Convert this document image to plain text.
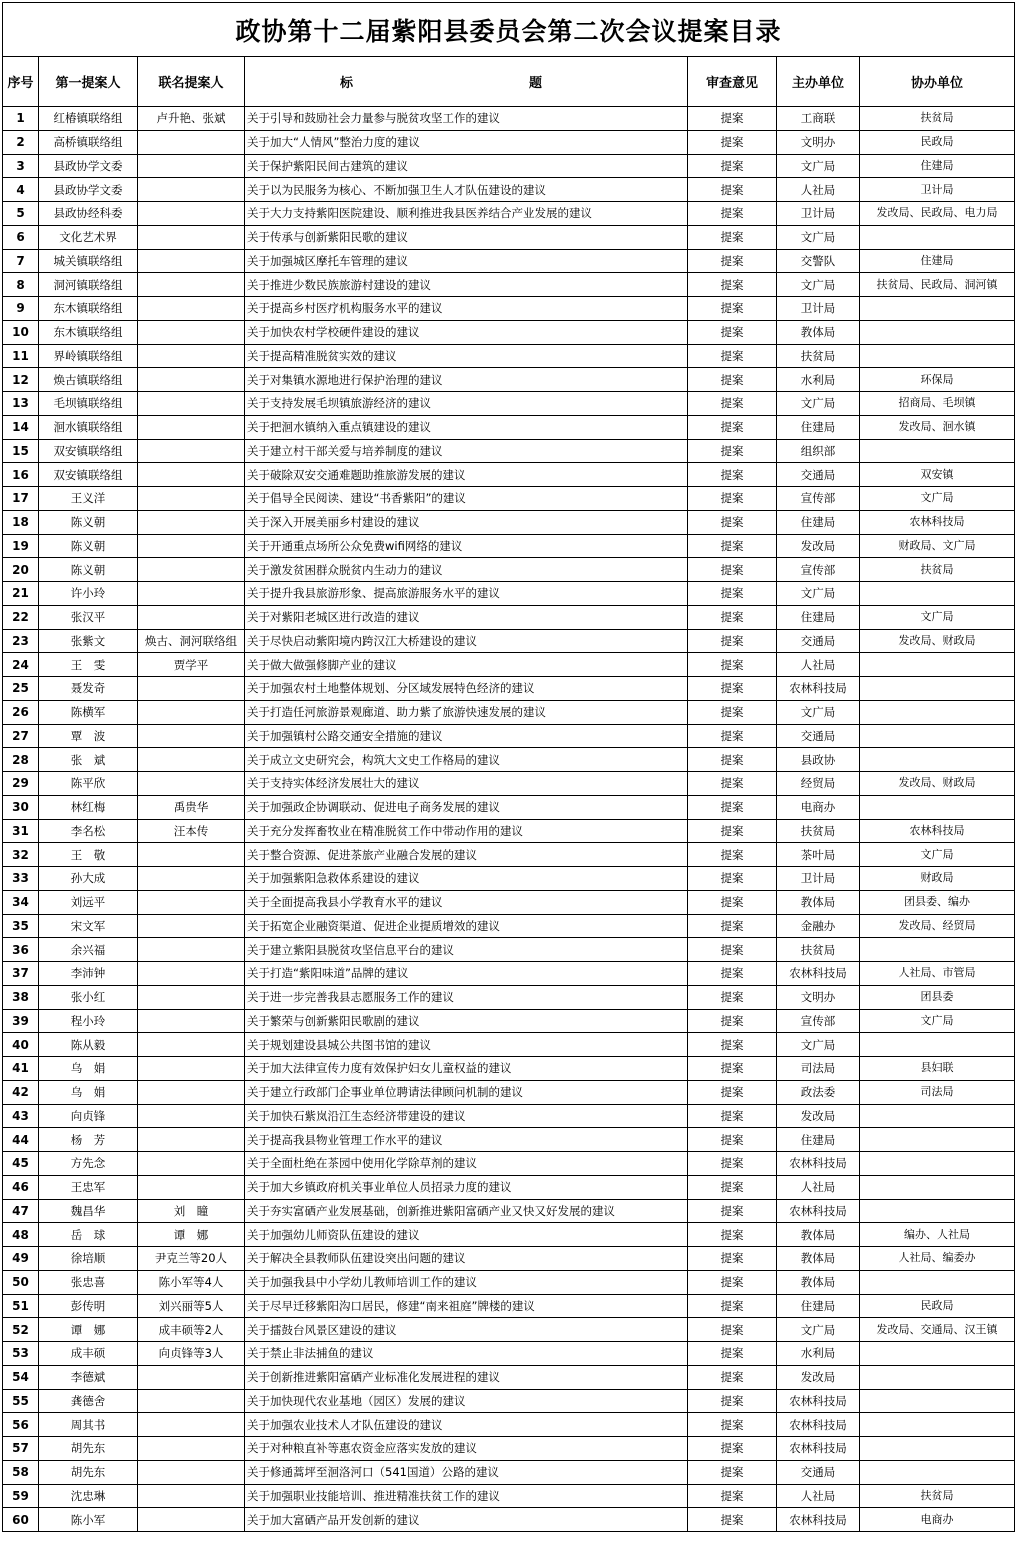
政协第十二届紫阳县委员会第二次会议提案目录
序号	第一提案人	联名提案人	标　　题	审查意见	主办单位	协办单位
1	红椿镇联络组	卢升艳、张斌	关于引导和鼓励社会力量参与脱贫攻坚工作的建议	提案	工商联	扶贫局
2	高桥镇联络组		关于加大“人情风”整治力度的建议	提案	文明办	民政局
3	县政协学文委		关于保护紫阳民间古建筑的建议	提案	文广局	住建局
4	县政协学文委		关于以为民服务为核心、不断加强卫生人才队伍建设的建议	提案	人社局	卫计局
5	县政协经科委		关于大力支持紫阳医院建设、顺利推进我县医养结合产业发展的建议	提案	卫计局	发改局、民政局、电力局
6	文化艺术界		关于传承与创新紫阳民歌的建议	提案	文广局	
7	城关镇联络组		关于加强城区摩托车管理的建议	提案	交警队	住建局
8	洞河镇联络组		关于推进少数民族旅游村建设的建议	提案	文广局	扶贫局、民政局、洞河镇
9	东木镇联络组		关于提高乡村医疗机构服务水平的建议	提案	卫计局	
10	东木镇联络组		关于加快农村学校硬件建设的建议	提案	教体局	
11	界岭镇联络组		关于提高精准脱贫实效的建议	提案	扶贫局	
12	焕古镇联络组		关于对集镇水源地进行保护治理的建议	提案	水利局	环保局
13	毛坝镇联络组		关于支持发展毛坝镇旅游经济的建议	提案	文广局	招商局、毛坝镇
14	洄水镇联络组		关于把洄水镇纳入重点镇建设的建议	提案	住建局	发改局、洄水镇
15	双安镇联络组		关于建立村干部关爱与培养制度的建议	提案	组织部	
16	双安镇联络组		关于破除双安交通难题助推旅游发展的建议	提案	交通局	双安镇
17	王义洋		关于倡导全民阅读、建设“书香紫阳”的建议	提案	宣传部	文广局
18	陈义朝		关于深入开展美丽乡村建设的建议	提案	住建局	农林科技局
19	陈义朝		关于开通重点场所公众免费wifi网络的建议	提案	发改局	财政局、文广局
20	陈义朝		关于激发贫困群众脱贫内生动力的建议	提案	宣传部	扶贫局
21	许小玲		关于提升我县旅游形象、提高旅游服务水平的建议	提案	文广局	
22	张汉平		关于对紫阳老城区进行改造的建议	提案	住建局	文广局
23	张紫文	焕古、洞河联络组	关于尽快启动紫阳境内跨汉江大桥建设的建议	提案	交通局	发改局、财政局
24	王　雯	贾学平	关于做大做强修脚产业的建议	提案	人社局	
25	聂发奇		关于加强农村土地整体规划、分区域发展特色经济的建议	提案	农林科技局	
26	陈横军		关于打造任河旅游景观廊道、助力紫了旅游快速发展的建议	提案	文广局	
27	覃　波		关于加强镇村公路交通安全措施的建议	提案	交通局	
28	张　斌		关于成立文史研究会，构筑大文史工作格局的建议	提案	县政协	
29	陈平欣		关于支持实体经济发展壮大的建议	提案	经贸局	发改局、财政局
30	林红梅	禹贵华	关于加强政企协调联动、促进电子商务发展的建议	提案	电商办	
31	李名松	汪本传	关于充分发挥畜牧业在精准脱贫工作中带动作用的建议	提案	扶贫局	农林科技局
32	王　敬		关于整合资源、促进茶旅产业融合发展的建议	提案	茶叶局	文广局
33	孙大成		关于加强紫阳急救体系建设的建议	提案	卫计局	财政局
34	刘远平		关于全面提高我县小学教育水平的建议	提案	教体局	团县委、编办
35	宋文军		关于拓宽企业融资渠道、促进企业提质增效的建议	提案	金融办	发改局、经贸局
36	余兴福		关于建立紫阳县脱贫攻坚信息平台的建议	提案	扶贫局	
37	李沛钟		关于打造“紫阳味道”品牌的建议	提案	农林科技局	人社局、市管局
38	张小红		关于进一步完善我县志愿服务工作的建议	提案	文明办	团县委
39	程小玲		关于繁荣与创新紫阳民歌剧的建议	提案	宣传部	文广局
40	陈从毅		关于规划建设县城公共图书馆的建议	提案	文广局	
41	乌　娟		关于加大法律宣传力度有效保护妇女儿童权益的建议	提案	司法局	县妇联
42	乌　娟		关于建立行政部门企事业单位聘请法律顾问机制的建议	提案	政法委	司法局
43	向贞锋		关于加快石紫岚沿江生态经济带建设的建议	提案	发改局	
44	杨　芳		关于提高我县物业管理工作水平的建议	提案	住建局	
45	方先念		关于全面杜绝在茶园中使用化学除草剂的建议	提案	农林科技局	
46	王忠军		关于加大乡镇政府机关事业单位人员招录力度的建议	提案	人社局	
47	魏昌华	刘　瞳	关于夯实富硒产业发展基础，创新推进紫阳富硒产业又快又好发展的建议	提案	农林科技局	
48	岳　球	谭　娜	关于加强幼儿师资队伍建设的建议	提案	教体局	编办、人社局
49	徐培顺	尹克兰等20人	关于解决全县教师队伍建设突出问题的建议	提案	教体局	人社局、编委办
50	张忠喜	陈小军等4人	关于加强我县中小学幼儿教师培训工作的建议	提案	教体局	
51	彭传明	刘兴丽等5人	关于尽早迁移紫阳沟口居民，修建“南来祖庭”牌楼的建议	提案	住建局	民政局
52	谭　娜	成丰硕等2人	关于擂鼓台风景区建设的建议	提案	文广局	发改局、交通局、汉王镇
53	成丰硕	向贞锋等3人	关于禁止非法捕鱼的建议	提案	水利局	
54	李德斌		关于创新推进紫阳富硒产业标准化发展进程的建议	提案	发改局	
55	龚德舍		关于加快现代农业基地（园区）发展的建议	提案	农林科技局	
56	周其书		关于加强农业技术人才队伍建设的建议	提案	农林科技局	
57	胡先东		关于对种粮直补等惠农资金应落实发放的建议	提案	农林科技局	
58	胡先东		关于修通蒿坪至洄洛河口（541国道）公路的建议	提案	交通局	
59	沈忠琳		关于加强职业技能培训、推进精准扶贫工作的建议	提案	人社局	扶贫局
60	陈小军		关于加大富硒产品开发创新的建议	提案	农林科技局	电商办
